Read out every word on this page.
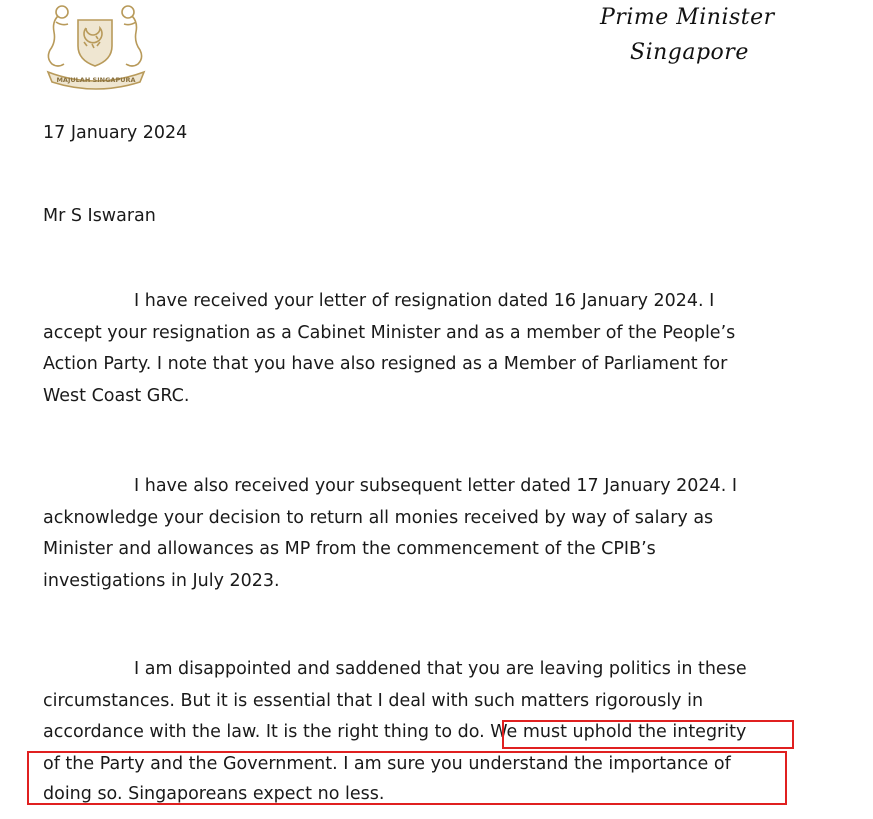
MAJULAH SINGAPURA
Prime Minister
Singapore
17 January 2024
Mr S Iswaran
I have received your letter of resignation dated 16 January 2024. I
accept your resignation as a Cabinet Minister and as a member of the People’s
Action Party. I note that you have also resigned as a Member of Parliament for
West Coast GRC.
I have also received your subsequent letter dated 17 January 2024. I
acknowledge your decision to return all monies received by way of salary as
Minister and allowances as MP from the commencement of the CPIB’s
investigations in July 2023.
I am disappointed and saddened that you are leaving politics in these
circumstances. But it is essential that I deal with such matters rigorously in
accordance with the law. It is the right thing to do. We must uphold the integrity
of the Party and the Government. I am sure you understand the importance of
doing so. Singaporeans expect no less.
